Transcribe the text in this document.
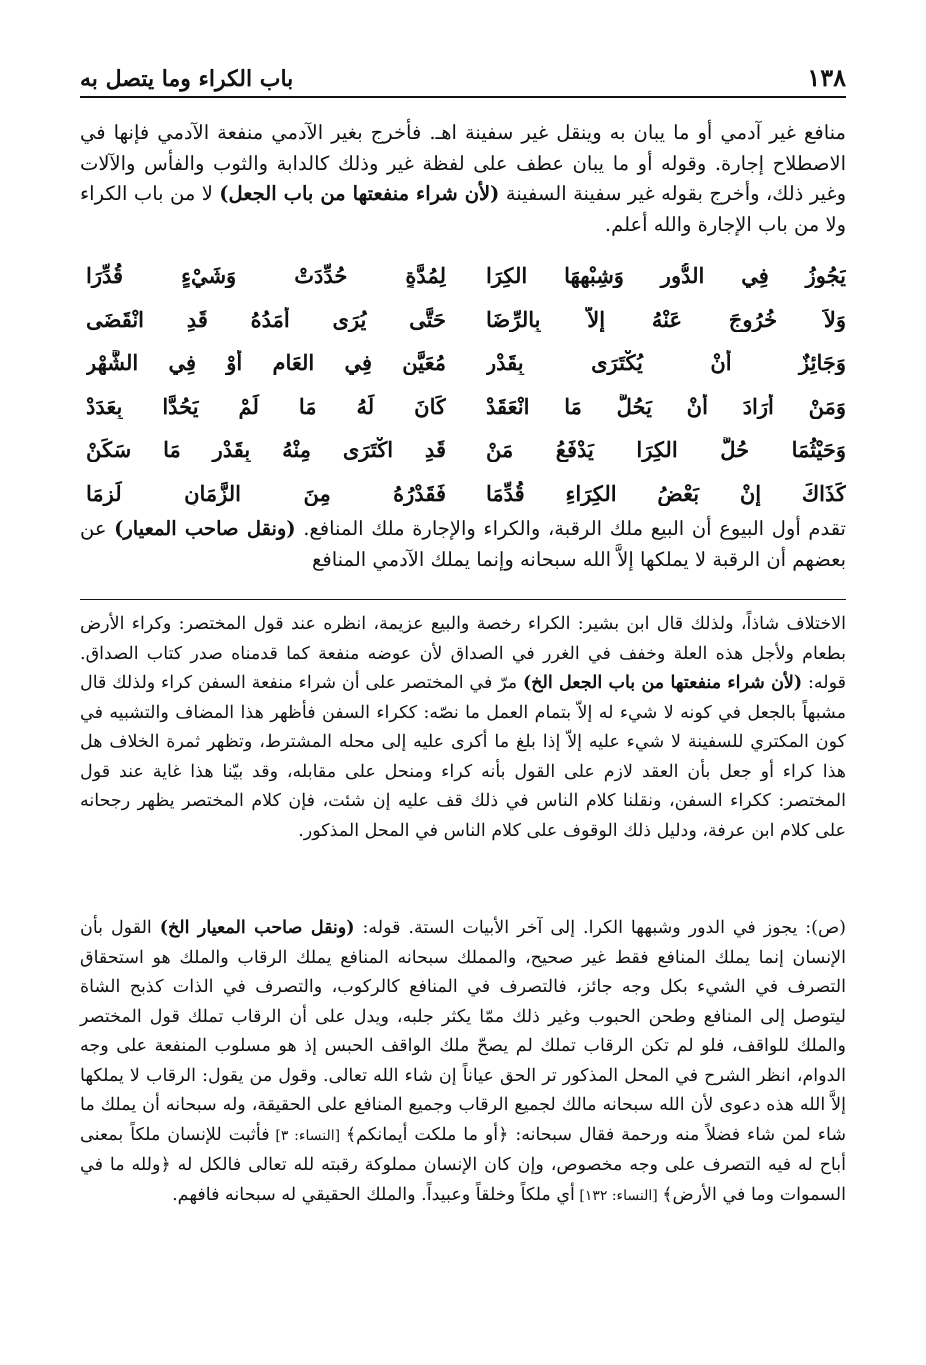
١٣٨
باب الكراء وما يتصل به

منافع غير آدمي أو ما يبان به وينقل غير سفينة اهـ. فأخرج بغير الآدمي منفعة الآدمي فإنها في الاصطلاح إجارة. وقوله أو ما يبان عطف على لفظة غير وذلك كالدابة والثوب والفأس والآلات وغير ذلك، وأخرج بقوله غير سفينة السفينة (لأن شراء منفعتها من باب الجعل) لا من باب الكراء ولا من باب الإجارة والله أعلم.

يَجُوزُ فِي الدُّورِ وَشِبْهِهَا الكِرَا
لِمُدَّةٍ حُدِّدَتْ وَشَيْءٍ قُدِّرَا
وَلاَ خُرُوجَ عَنْهُ إلاَّ بِالرِّضَا
حَتَّى يُرَى أَمَدُهُ قَدِ انْقَضَى
وَجَائِزٌ أَنْ يُكْتَرَى بِقَدْرِ
مُعَيَّنٍ فِي العَامِ أَوْ فِي الشَّهْرِ
وَمَنْ أَرَادَ أَنْ يَحُلَّ مَا انْعَقَدْ
كَانَ لَهُ مَا لَمْ يَحُدَّا بِعَدَدْ
وَحَيْثُمَا حُلَّ الكِرَا يَدْفَعُ مَنْ
قَدِ اكْتَرَى مِنْهُ بِقَدْرِ مَا سَكَنْ
كَذَاكَ إِنْ بَعْضُ الكِرَاءِ قُدِّمَا
فَقَدْرُهُ مِنَ الزَّمَانِ لَزِمَا

تقدم أول البيوع أن البيع ملك الرقبة، والكراء والإجارة ملك المنافع. (ونقل صاحب المعيار) عن بعضهم أن الرقبة لا يملكها إلاَّ الله سبحانه وإنما يملك الآدمي المنافع

الاختلاف شاذاً، ولذلك قال ابن بشير: الكراء رخصة والبيع عزيمة، انظره عند قول المختصر: وكراء الأرض بطعام ولأجل هذه العلة وخفف في الغرر في الصداق لأن عوضه منفعة كما قدمناه صدر كتاب الصداق. قوله: (لأن شراء منفعتها من باب الجعل الخ) مرّ في المختصر على أن شراء منفعة السفن كراء ولذلك قال مشبهاً بالجعل في كونه لا شيء له إلاّ بتمام العمل ما نصّه: ككراء السفن فأظهر هذا المضاف والتشبيه في كون المكتري للسفينة لا شيء عليه إلاّ إذا بلغ ما أكرى عليه إلى محله المشترط، وتظهر ثمرة الخلاف هل هذا كراء أو جعل بأن العقد لازم على القول بأنه كراء ومنحل على مقابله، وقد بيّنا هذا غاية عند قول المختصر: ككراء السفن، ونقلنا كلام الناس في ذلك قف عليه إن شئت، فإن كلام المختصر يظهر رجحانه على كلام ابن عرفة، ودليل ذلك الوقوف على كلام الناس في المحل المذكور.

(ص): يجوز في الدور وشبهها الكرا. إلى آخر الأبيات الستة. قوله: (ونقل صاحب المعيار الخ) القول بأن الإنسان إنما يملك المنافع فقط غير صحيح، والمملك سبحانه المنافع يملك الرقاب والملك هو استحقاق التصرف في الشيء بكل وجه جائز، فالتصرف في المنافع كالركوب، والتصرف في الذات كذبح الشاة ليتوصل إلى المنافع وطحن الحبوب وغير ذلك ممّا يكثر جلبه، ويدل على أن الرقاب تملك قول المختصر والملك للواقف، فلو لم تكن الرقاب تملك لم يصحّ ملك الواقف الحبس إذ هو مسلوب المنفعة على وجه الدوام، انظر الشرح في المحل المذكور تر الحق عياناً إن شاء الله تعالى. وقول من يقول: الرقاب لا يملكها إلاَّ الله هذه دعوى لأن الله سبحانه مالك لجميع الرقاب وجميع المنافع على الحقيقة، وله سبحانه أن يملك ما شاء لمن شاء فضلاً منه ورحمة فقال سبحانه: ﴿أو ما ملكت أيمانكم﴾ [النساء: ٣] فأثبت للإنسان ملكاً بمعنى أباح له فيه التصرف على وجه مخصوص، وإن كان الإنسان مملوكة رقبته لله تعالى فالكل له ﴿ولله ما في السموات وما في الأرض﴾ [النساء: ١٣٢] أي ملكاً وخلقاً وعبيداً. والملك الحقيقي له سبحانه فافهم.
